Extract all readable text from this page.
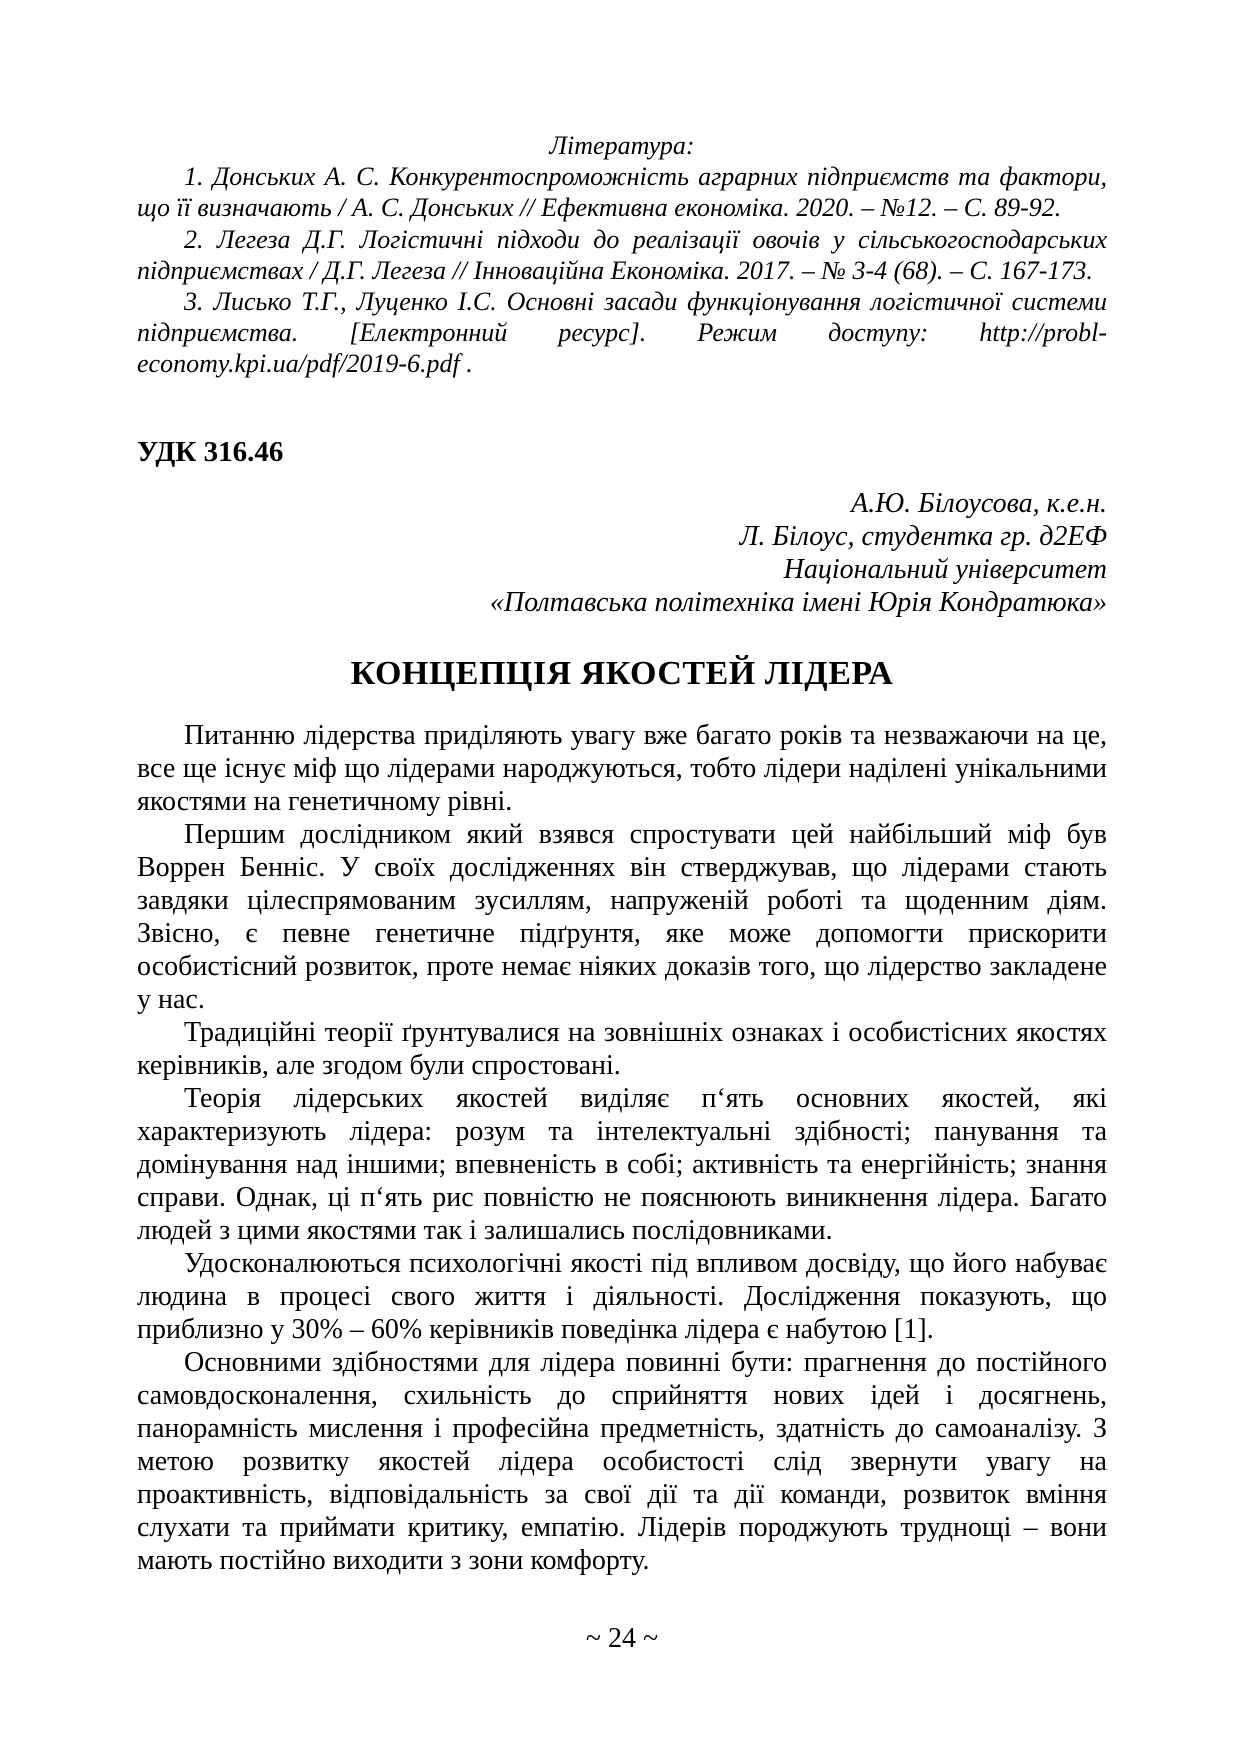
Література:

1. Донських А. С. Конкурентоспроможність аграрних підприємств та фактори, що її визначають / А. С. Донських // Ефективна економіка. 2020. – №12. – С. 89-92.

2. Легеза Д.Г. Логістичні підходи до реалізації овочів у сільськогосподарських підприємствах / Д.Г. Легеза // Інноваційна Економіка. 2017. – № 3-4 (68). – С. 167-173.

3. Лисько Т.Г., Луценко І.С. Основні засади функціонування логістичної системи підприємства. [Електронний ресурс]. Режим доступу: http://probl-economy.kpi.ua/pdf/2019-6.pdf .

УДК 316.46

А.Ю. Білоусова, к.е.н.

Л. Білоус, студентка гр. д2ЕФ

Національний університет

«Полтавська політехніка імені Юрія Кондратюка»

КОНЦЕПЦІЯ ЯКОСТЕЙ ЛІДЕРА

Питанню лідерства приділяють увагу вже багато років та незважаючи на це, все ще існує міф що лідерами народжуються, тобто лідери наділені унікальними якостями на генетичному рівні.

Першим дослідником який взявся спростувати цей найбільший міф був Воррен Бенніс. У своїх дослідженнях він стверджував, що лідерами стають завдяки цілеспрямованим зусиллям, напруженій роботі та щоденним діям. Звісно, є певне генетичне підґрунтя, яке може допомогти прискорити особистісний розвиток, проте немає ніяких доказів того, що лідерство закладене у нас.

Традиційні теорії ґрунтувалися на зовнішніх ознаках і особистісних якостях керівників, але згодом були спростовані.

Теорія лідерських якостей виділяє п‘ять основних якостей, які характеризують лідера: розум та інтелектуальні здібності; панування та домінування над іншими; впевненість в собі; активність та енергійність; знання справи. Однак, ці п‘ять рис повністю не пояснюють виникнення лідера. Багато людей з цими якостями так і залишались послідовниками.

Удосконалюються психологічні якості під впливом досвіду, що його набуває людина в процесі свого життя і діяльності. Дослідження показують, що приблизно у 30% – 60% керівників поведінка лідера є набутою [1].

Основними здібностями для лідера повинні бути: прагнення до постійного самовдосконалення, схильність до сприйняття нових ідей і досягнень, панорамність мислення і професійна предметність, здатність до самоаналізу. З метою розвитку якостей лідера особистості слід звернути увагу на проактивність, відповідальність за свої дії та дії команди, розвиток вміння слухати та приймати критику, емпатію. Лідерів породжують труднощі – вони мають постійно виходити з зони комфорту.

~ 24 ~
